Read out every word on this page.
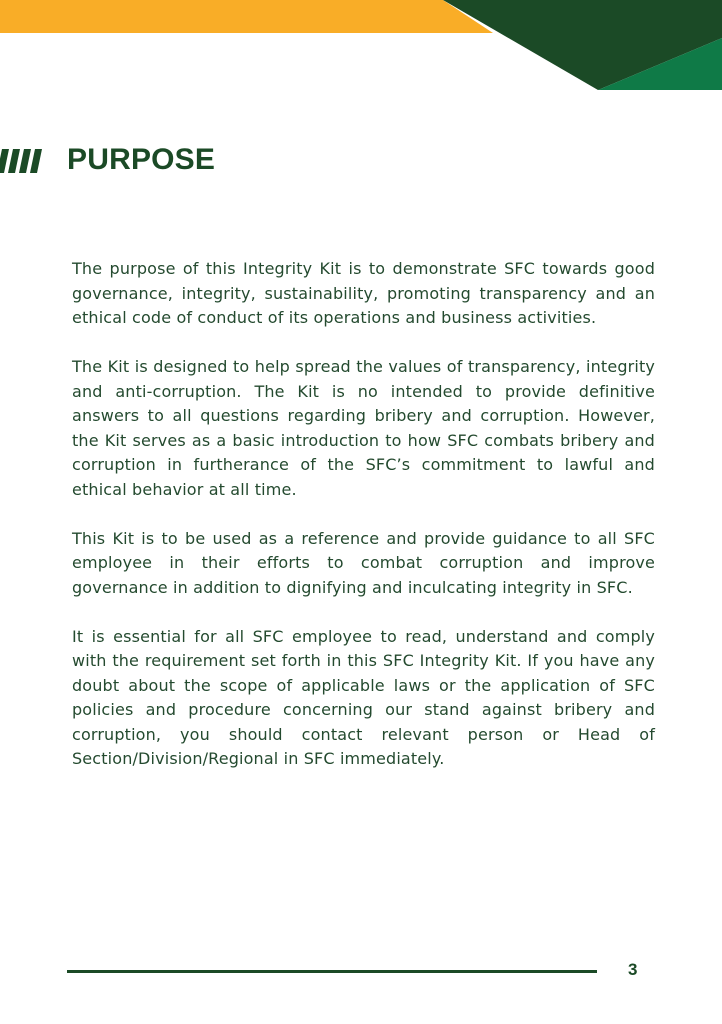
PURPOSE

The purpose of this Integrity Kit is to demonstrate SFC towards good governance, integrity, sustainability, promoting transparency and an ethical code of conduct of its operations and business activities.

The Kit is designed to help spread the values of transparency, integrity and anti-corruption. The Kit is no intended to provide definitive answers to all questions regarding bribery and corruption. However, the Kit serves as a basic introduction to how SFC combats bribery and corruption in furtherance of the SFC’s commitment to lawful and ethical behavior at all time.

This Kit is to be used as a reference and provide guidance to all SFC employee in their efforts to combat corruption and improve governance in addition to dignifying and inculcating integrity in SFC.

It is essential for all SFC employee to read, understand and comply with the requirement set forth in this SFC Integrity Kit. If you have any doubt about the scope of applicable laws or the application of SFC policies and procedure concerning our stand against bribery and corruption, you should contact relevant person or Head of Section/Division/Regional in SFC immediately.

3
